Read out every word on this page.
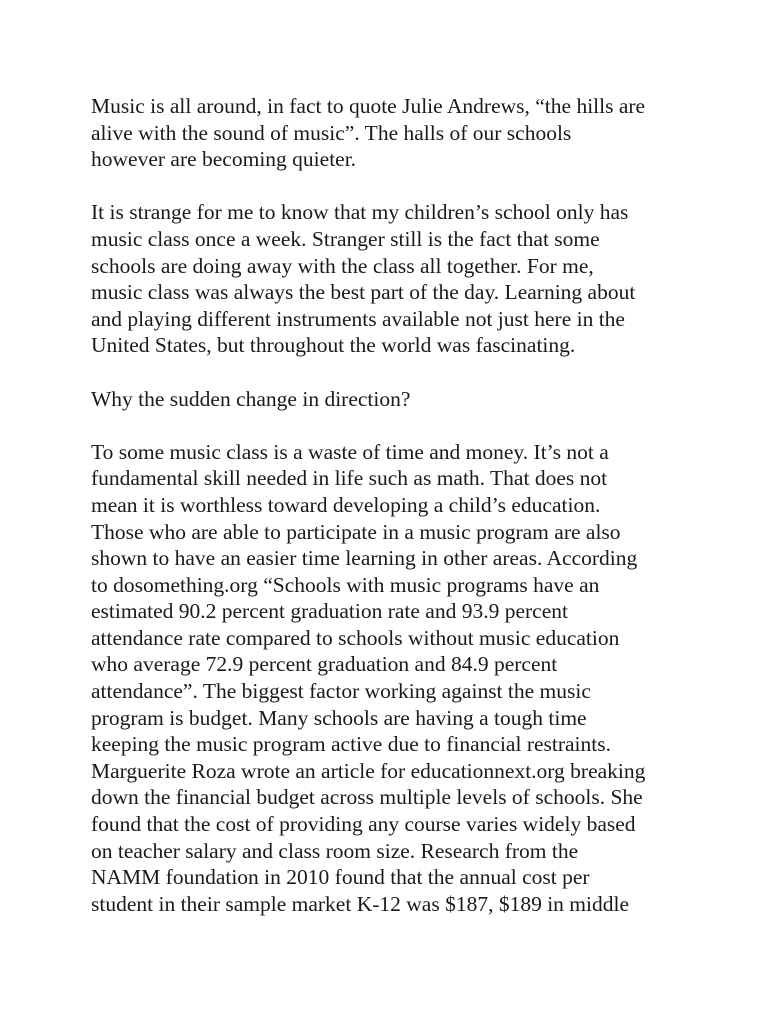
Music is all around, in fact to quote Julie Andrews, “the hills are
alive with the sound of music”. The halls of our schools
however are becoming quieter.

It is strange for me to know that my children’s school only has
music class once a week. Stranger still is the fact that some
schools are doing away with the class all together. For me,
music class was always the best part of the day. Learning about
and playing different instruments available not just here in the
United States, but throughout the world was fascinating.

Why the sudden change in direction?

To some music class is a waste of time and money. It’s not a
fundamental skill needed in life such as math. That does not
mean it is worthless toward developing a child’s education.
Those who are able to participate in a music program are also
shown to have an easier time learning in other areas. According
to dosomething.org “Schools with music programs have an
estimated 90.2 percent graduation rate and 93.9 percent
attendance rate compared to schools without music education
who average 72.9 percent graduation and 84.9 percent
attendance”. The biggest factor working against the music
program is budget. Many schools are having a tough time
keeping the music program active due to financial restraints.
Marguerite Roza wrote an article for educationnext.org breaking
down the financial budget across multiple levels of schools. She
found that the cost of providing any course varies widely based
on teacher salary and class room size. Research from the
NAMM foundation in 2010 found that the annual cost per
student in their sample market K-12 was $187, $189 in middle
